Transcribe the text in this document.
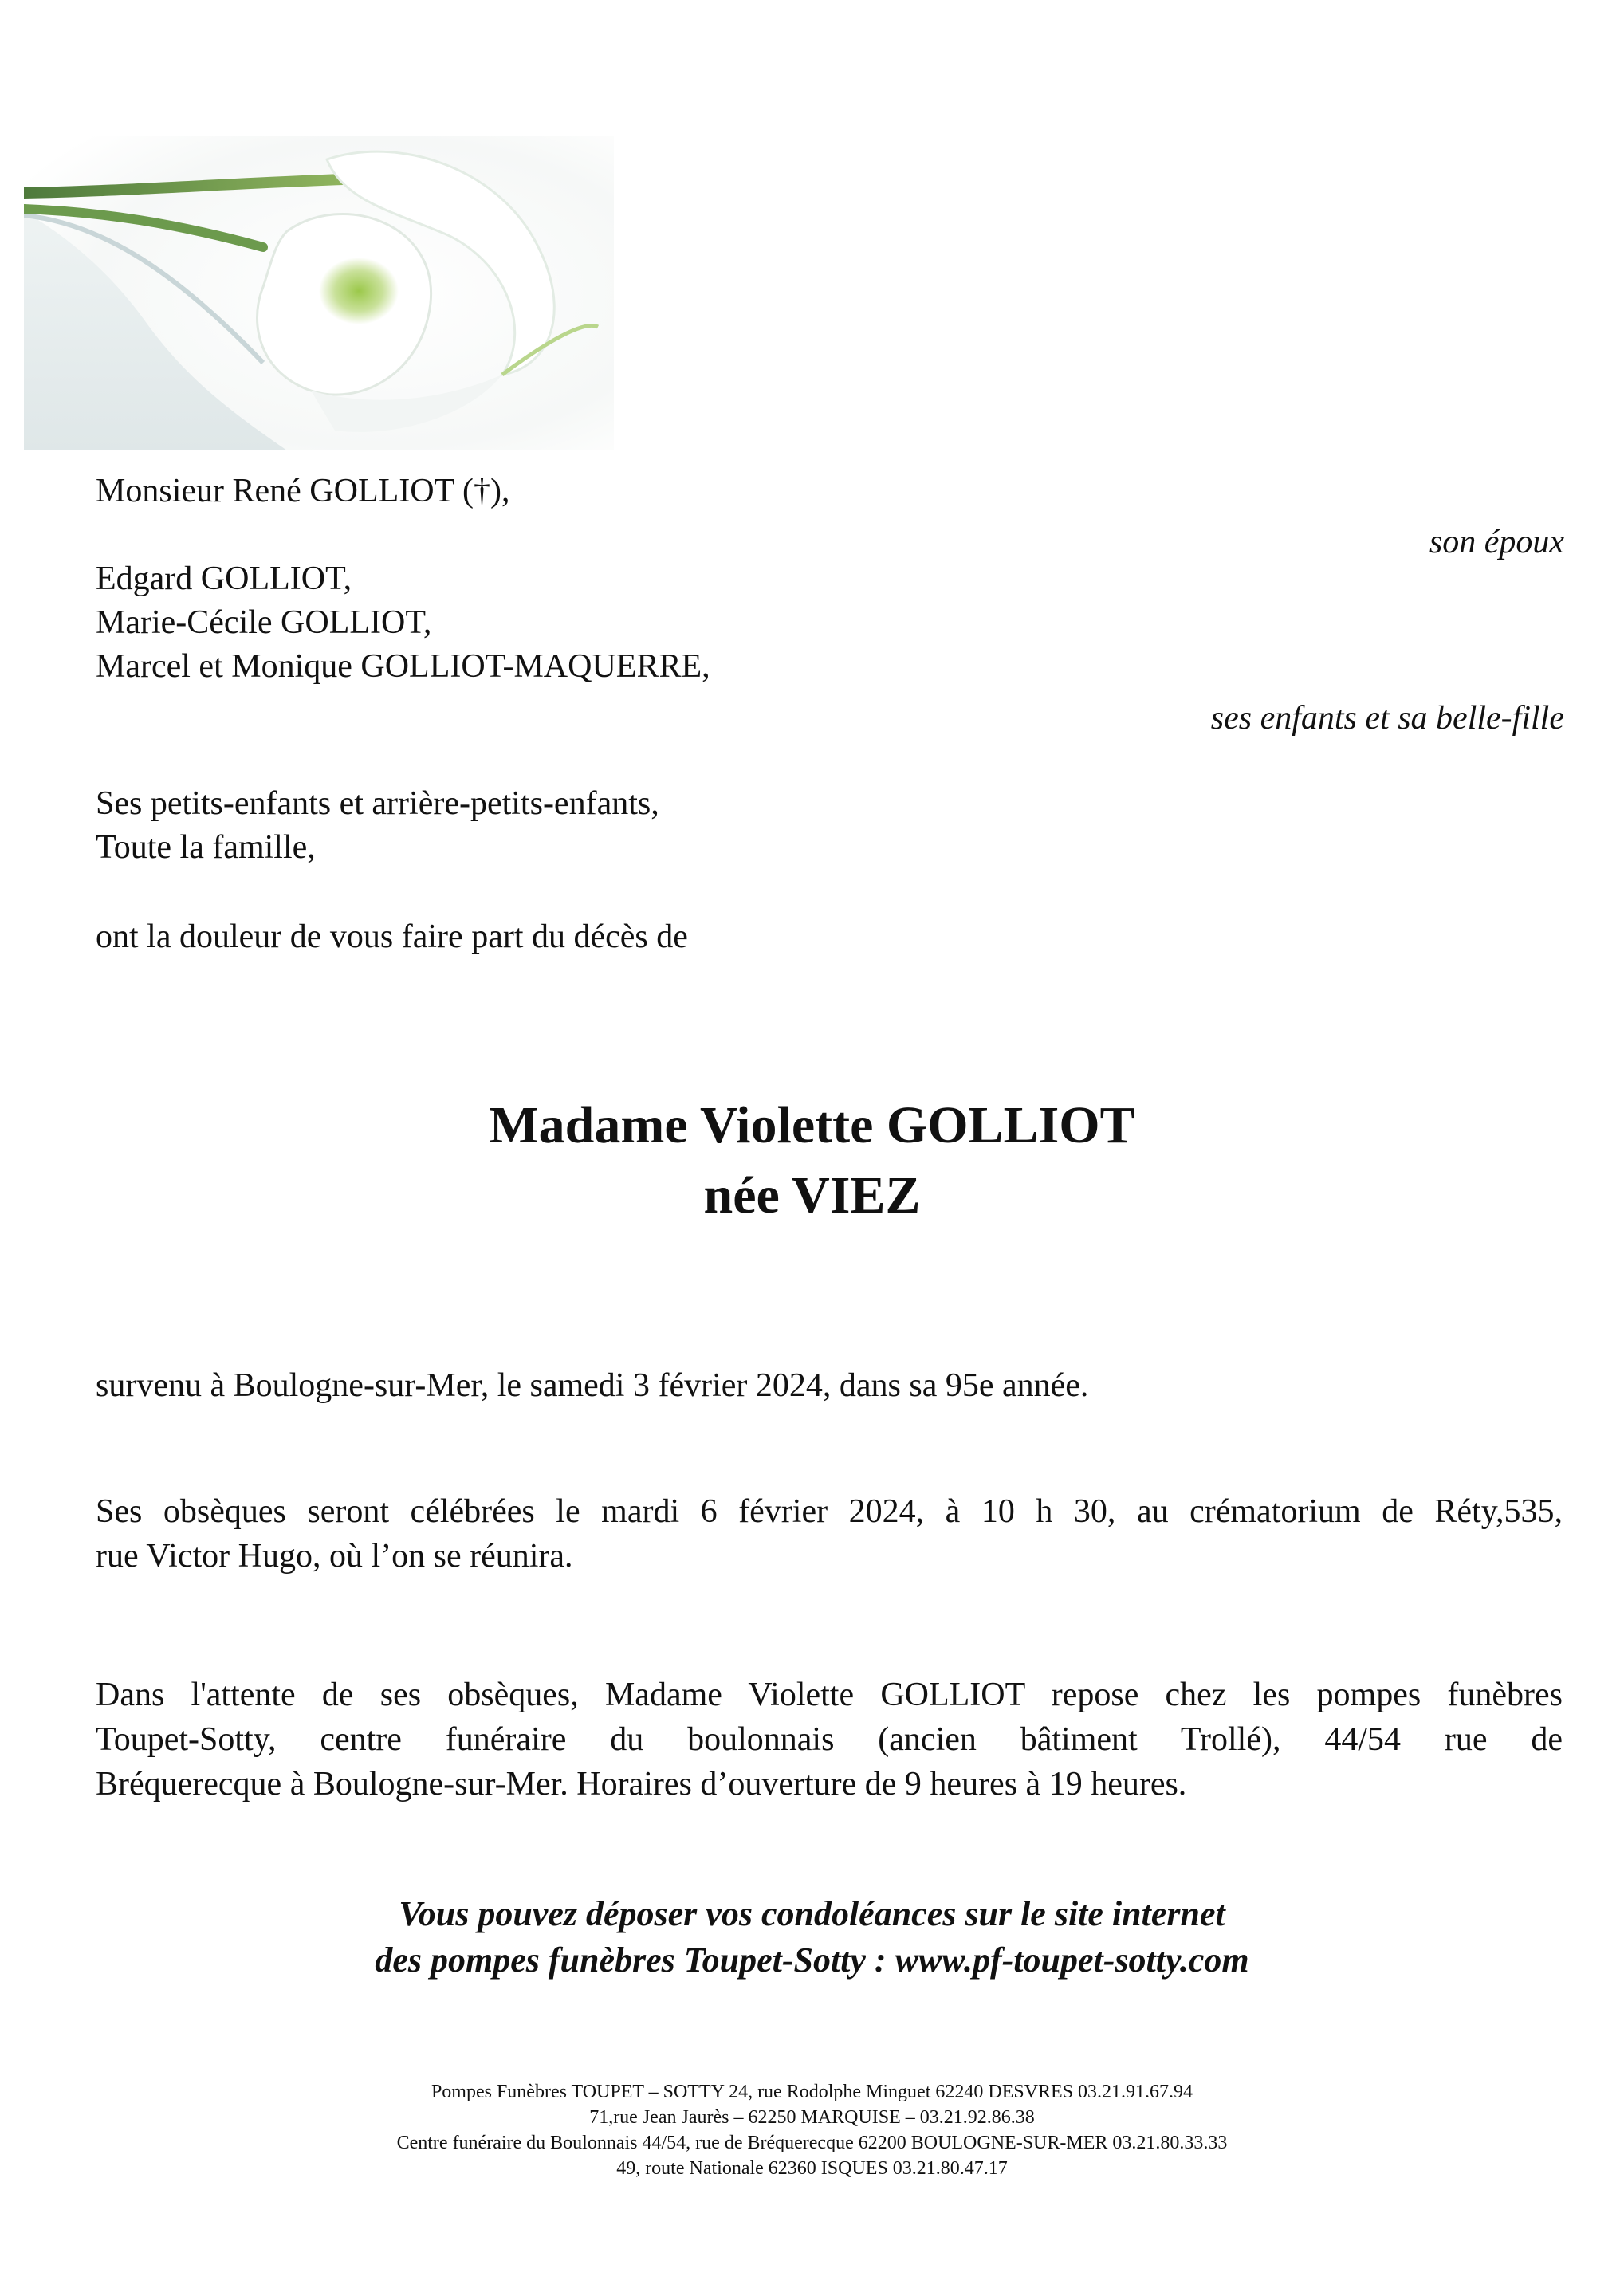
Monsieur René GOLLIOT (†),
son époux
Edgard GOLLIOT,
Marie-Cécile GOLLIOT,
Marcel et Monique GOLLIOT-MAQUERRE,
ses enfants et sa belle-fille
Ses petits-enfants et arrière-petits-enfants,
Toute la famille,
ont la douleur de vous faire part du décès de
Madame Violette GOLLIOT
née VIEZ
survenu à Boulogne-sur-Mer, le samedi 3 février 2024, dans sa 95e année.
Ses obsèques seront célébrées le mardi 6 février 2024, à 10 h 30, au crématorium de Réty,535,
rue Victor Hugo, où l’on se réunira.
Dans l'attente de ses obsèques, Madame Violette GOLLIOT repose chez les pompes funèbres
Toupet-Sotty, centre funéraire du boulonnais (ancien bâtiment Trollé), 44/54 rue de
Bréquerecque à Boulogne-sur-Mer. Horaires d’ouverture de 9 heures à 19 heures.
Vous pouvez déposer vos condoléances sur le site internet
des pompes funèbres Toupet-Sotty : www.pf-toupet-sotty.com
Pompes Funèbres TOUPET – SOTTY 24, rue Rodolphe Minguet 62240 DESVRES 03.21.91.67.94
71,rue Jean Jaurès – 62250 MARQUISE – 03.21.92.86.38
Centre funéraire du Boulonnais 44/54, rue de Bréquerecque 62200 BOULOGNE-SUR-MER 03.21.80.33.33
49, route Nationale 62360 ISQUES 03.21.80.47.17
